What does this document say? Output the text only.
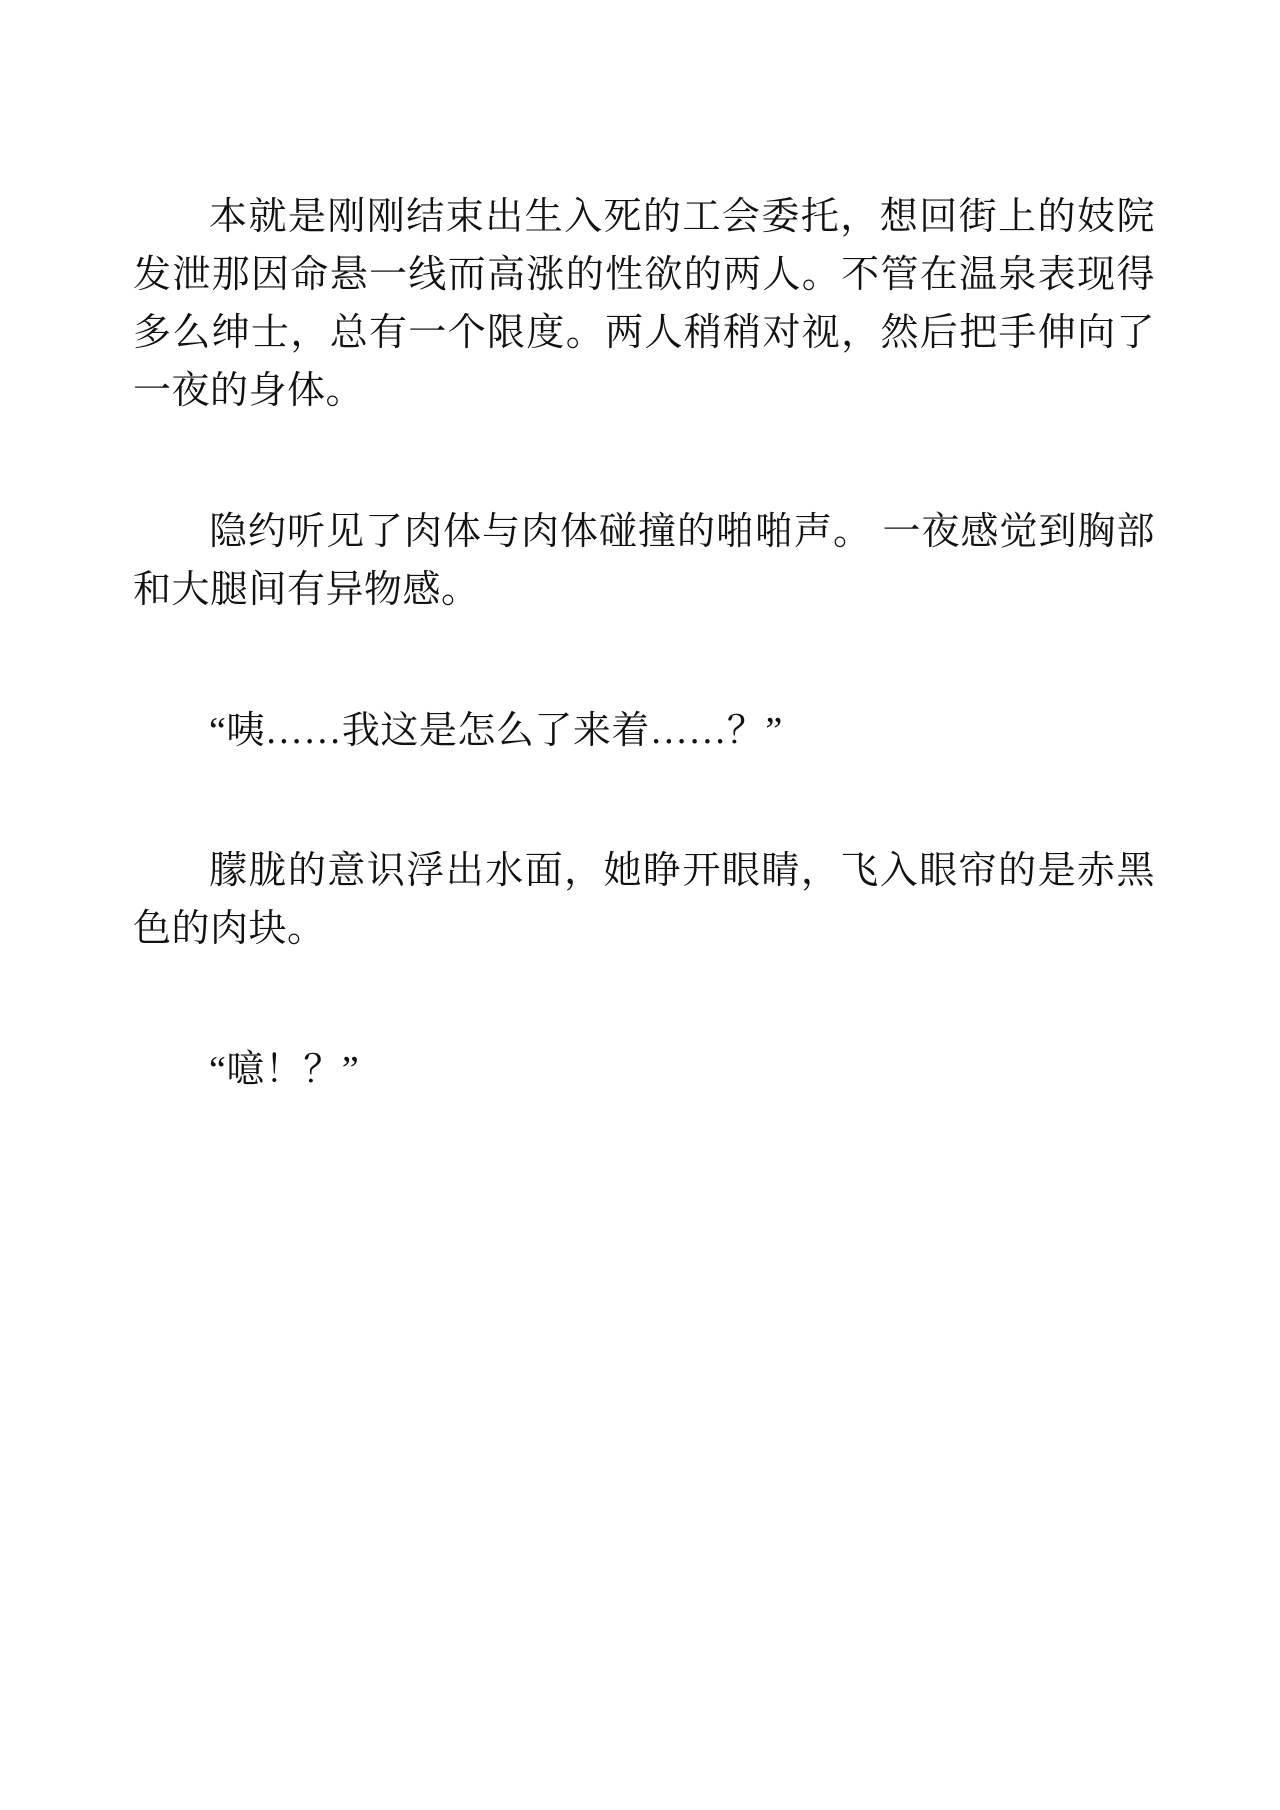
本就是刚刚结束出生入死的工会委托，想回街上的妓院发泄那因命悬一线而高涨的性欲的两人。不管在温泉表现得多么绅士，总有一个限度。两人稍稍对视，然后把手伸向了一夜的身体。

隐约听见了肉体与肉体碰撞的啪啪声。 一夜感觉到胸部和大腿间有异物感。

“咦……我这是怎么了来着……？”

朦胧的意识浮出水面，她睁开眼睛，飞入眼帘的是赤黑色的肉块。

“噫！？”
